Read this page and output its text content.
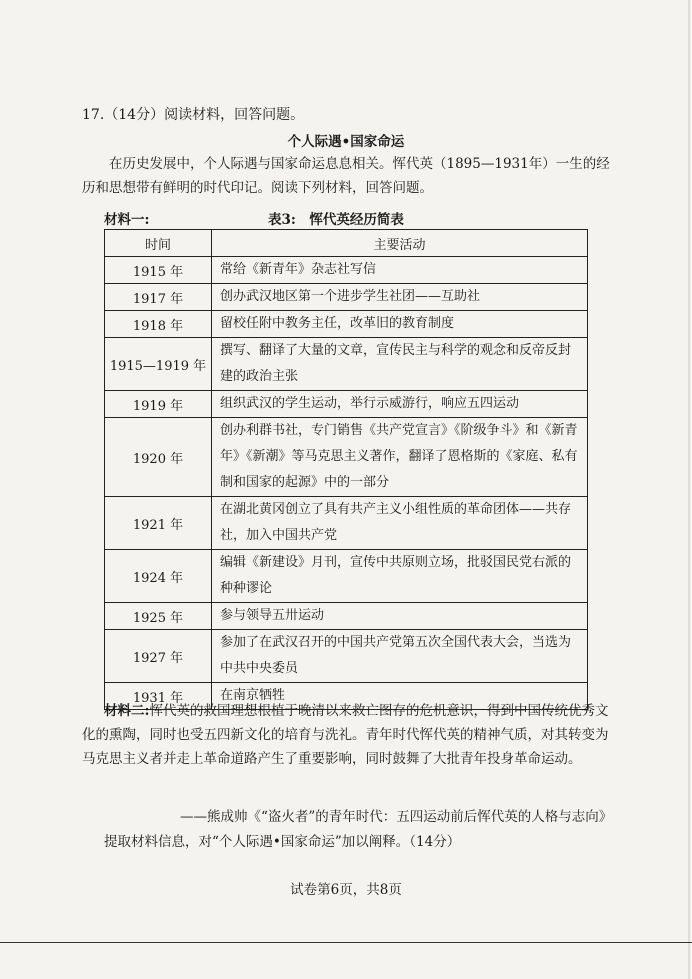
17.（14分）阅读材料，回答问题。
个人际遇•国家命运
在历史发展中，个人际遇与国家命运息息相关。恽代英（1895—1931年）一生的经历和思想带有鲜明的时代印记。阅读下列材料，回答问题。
材料一:	表3:　恽代英经历简表
时间	主要活动
1915 年	常给《新青年》杂志社写信
1917 年	创办武汉地区第一个进步学生社团——互助社
1918 年	留校任附中教务主任，改革旧的教育制度
1915—1919 年	撰写、翻译了大量的文章，宣传民主与科学的观念和反帝反封建的政治主张
1919 年	组织武汉的学生运动，举行示威游行，响应五四运动
1920 年	创办利群书社，专门销售《共产党宣言》《阶级争斗》和《新青年》《新潮》等马克思主义著作，翻译了恩格斯的《家庭、私有制和国家的起源》中的一部分
1921 年	在湖北黄冈创立了具有共产主义小组性质的革命团体——共存社，加入中国共产党
1924 年	编辑《新建设》月刊，宣传中共原则立场，批驳国民党右派的种种谬论
1925 年	参与领导五卅运动
1927 年	参加了在武汉召开的中国共产党第五次全国代表大会，当选为中共中央委员
1931 年	在南京牺牲
材料二:恽代英的救国理想根植于晚清以来救亡图存的危机意识，得到中国传统优秀文化的熏陶，同时也受五四新文化的培育与洗礼。青年时代恽代英的精神气质，对其转变为马克思主义者并走上革命道路产生了重要影响，同时鼓舞了大批青年投身革命运动。
——熊成帅《“盗火者”的青年时代：五四运动前后恽代英的人格与志向》
提取材料信息，对“个人际遇•国家命运”加以阐释。（14分）
试卷第6页，共8页
